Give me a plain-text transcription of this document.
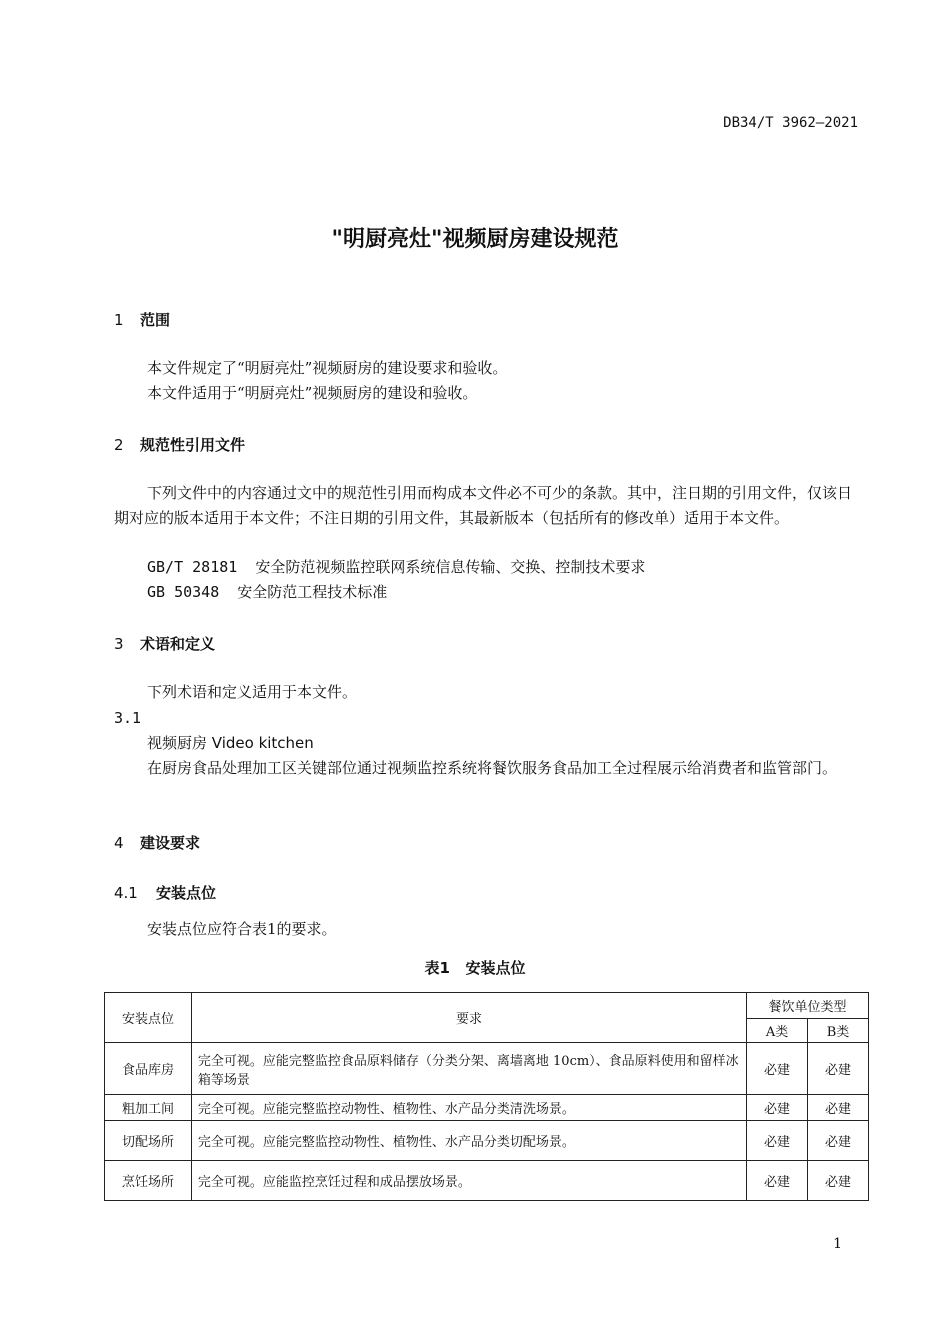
DB34/T 3962—2021
"明厨亮灶"视频厨房建设规范
1 范围
本文件规定了“明厨亮灶”视频厨房的建设要求和验收。
本文件适用于“明厨亮灶”视频厨房的建设和验收。
2 规范性引用文件
下列文件中的内容通过文中的规范性引用而构成本文件必不可少的条款。其中，注日期的引用文件，仅该日期对应的版本适用于本文件；不注日期的引用文件，其最新版本（包括所有的修改单）适用于本文件。
GB/T 28181  安全防范视频监控联网系统信息传输、交换、控制技术要求
GB 50348  安全防范工程技术标准
3 术语和定义
下列术语和定义适用于本文件。
3.1
视频厨房 Video kitchen
在厨房食品处理加工区关键部位通过视频监控系统将餐饮服务食品加工全过程展示给消费者和监管部门。
4 建设要求
4.1 安装点位
安装点位应符合表1的要求。
表1   安装点位
安装点位	要求	餐饮单位类型	
		A类	B类
食品库房	完全可视。应能完整监控食品原料储存（分类分架、离墙离地 10cm）、食品原料使用和留样冰箱等场景	必建	必建
粗加工间	完全可视。应能完整监控动物性、植物性、水产品分类清洗场景。	必建	必建
切配场所	完全可视。应能完整监控动物性、植物性、水产品分类切配场景。	必建	必建
烹饪场所	完全可视。应能监控烹饪过程和成品摆放场景。	必建	必建
1
